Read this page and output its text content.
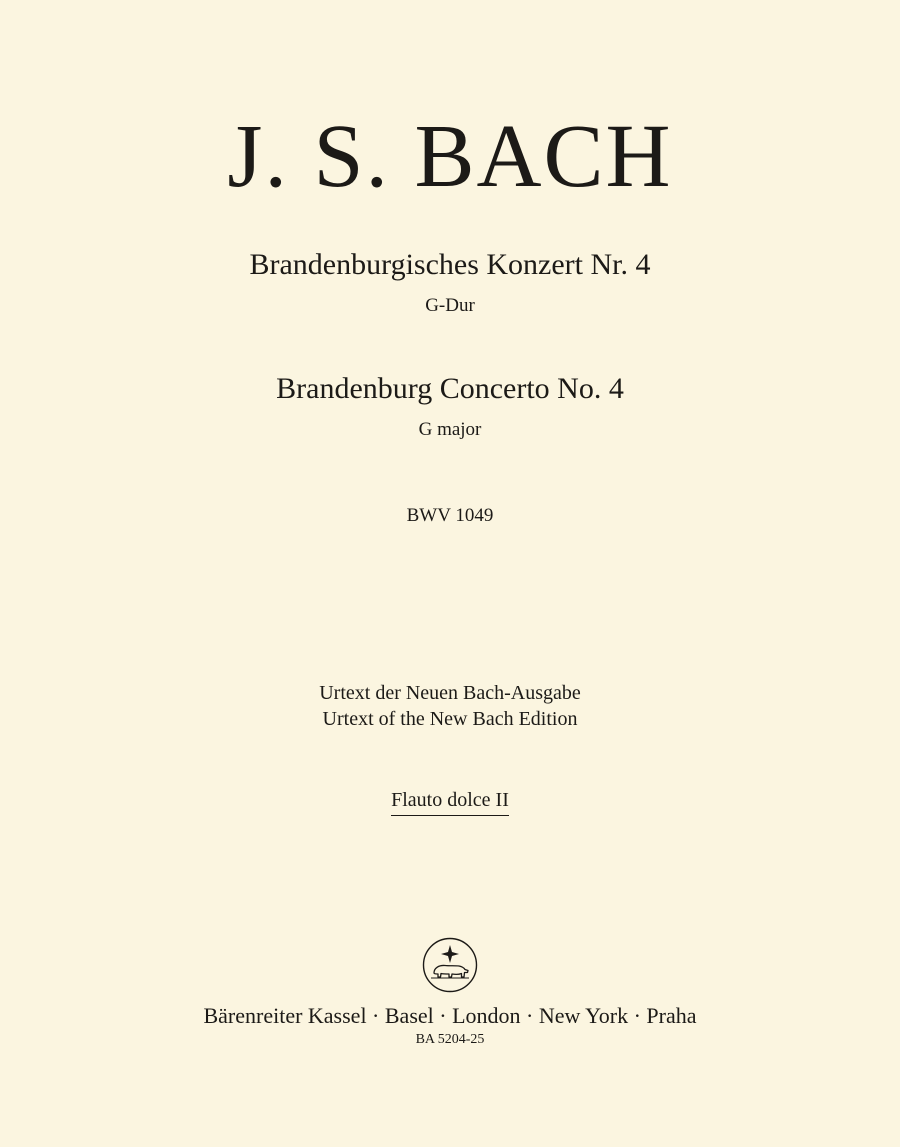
J. S. BACH
Brandenburgisches Konzert Nr. 4
G-Dur
Brandenburg Concerto No. 4
G major
BWV 1049
Urtext der Neuen Bach-Ausgabe
Urtext of the New Bach Edition
Flauto dolce II
Bärenreiter Kassel · Basel · London · New York · Praha
BA 5204-25
